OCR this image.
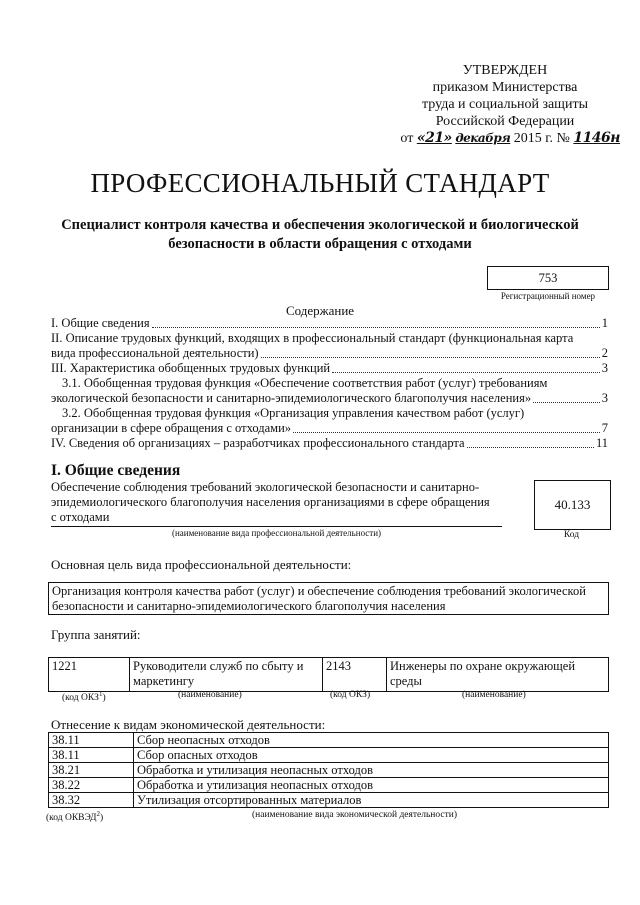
УТВЕРЖДЕН
приказом Министерства
труда и социальной защиты
Российской Федерации
от «21» декабря 2015 г. № 1146н
ПРОФЕССИОНАЛЬНЫЙ СТАНДАРТ
Специалист контроля качества и обеспечения экологической и биологической безопасности в области обращения с отходами
753
Регистрационный номер
Содержание
I. Общие сведения	1
II. Описание трудовых функций, входящих в профессиональный стандарт (функциональная карта
вида профессиональной деятельности)	2
III. Характеристика обобщенных трудовых функций	3
3.1. Обобщенная трудовая функция «Обеспечение соответствия работ (услуг) требованиям
экологической безопасности и санитарно-эпидемиологического благополучия населения»	3
3.2. Обобщенная трудовая функция «Организация управления качеством работ (услуг)
организации в сфере обращения с отходами»	7
IV. Сведения об организациях – разработчиках профессионального стандарта	11
I. Общие сведения
Обеспечение соблюдения требований экологической безопасности и санитарно-эпидемиологического благополучия населения организациями в сфере обращения с отходами
(наименование вида профессиональной деятельности)
40.133
Код
Основная цель вида профессиональной деятельности:
Организация контроля качества работ (услуг) и обеспечение соблюдения требований экологической безопасности и санитарно-эпидемиологического благополучия населения
Группа занятий:
1221	Руководители служб по сбыту и маркетингу	2143	Инженеры по охране окружающей среды
(код ОКЗ$^1$)	(наименование)	(код ОКЗ)	(наименование)
Отнесение к видам экономической деятельности:
38.11	Сбор неопасных отходов
38.11	Сбор опасных отходов
38.21	Обработка и утилизация неопасных отходов
38.22	Обработка и утилизация неопасных отходов
38.32	Утилизация отсортированных материалов
(код ОКВЭД$^2$)	(наименование вида экономической деятельности)
